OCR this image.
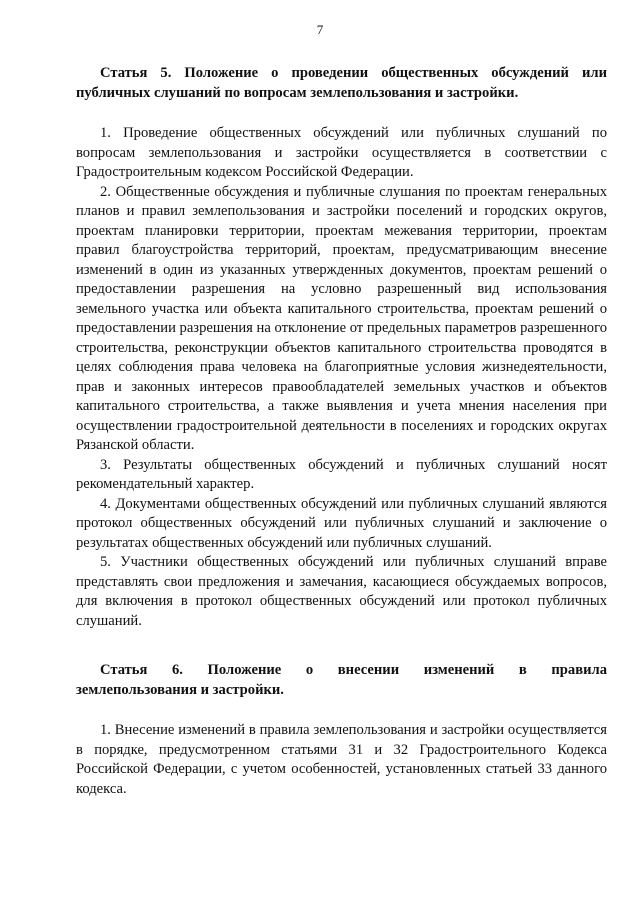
7

Статья 5. Положение о проведении общественных обсуждений или публичных слушаний по вопросам землепользования и застройки.

1. Проведение общественных обсуждений или публичных слушаний по вопросам землепользования и застройки осуществляется в соответствии с Градостроительным кодексом Российской Федерации.

2. Общественные обсуждения и публичные слушания по проектам генеральных планов и правил землепользования и застройки поселений и городских округов, проектам планировки территории, проектам межевания территории, проектам правил благоустройства территорий, проектам, предусматривающим внесение изменений в один из указанных утвержденных документов, проектам решений о предоставлении разрешения на условно разрешенный вид использования земельного участка или объекта капитального строительства, проектам решений о предоставлении разрешения на отклонение от предельных параметров разрешенного строительства, реконструкции объектов капитального строительства проводятся в целях соблюдения права человека на благоприятные условия жизнедеятельности, прав и законных интересов правообладателей земельных участков и объектов капитального строительства, а также выявления и учета мнения населения при осуществлении градостроительной деятельности в поселениях и городских округах Рязанской области.

3. Результаты общественных обсуждений и публичных слушаний носят рекомендательный характер.

4. Документами общественных обсуждений или публичных слушаний являются протокол общественных обсуждений или публичных слушаний и заключение о результатах общественных обсуждений или публичных слушаний.

5. Участники общественных обсуждений или публичных слушаний вправе представлять свои предложения и замечания, касающиеся обсуждаемых вопросов, для включения в протокол общественных обсуждений или протокол публичных слушаний.

Статья 6. Положение о внесении изменений в правила

землепользования и застройки.

1. Внесение изменений в правила землепользования и застройки осуществляется в порядке, предусмотренном статьями 31 и 32 Градостроительного Кодекса Российской Федерации, с учетом особенностей, установленных статьей 33 данного кодекса.
